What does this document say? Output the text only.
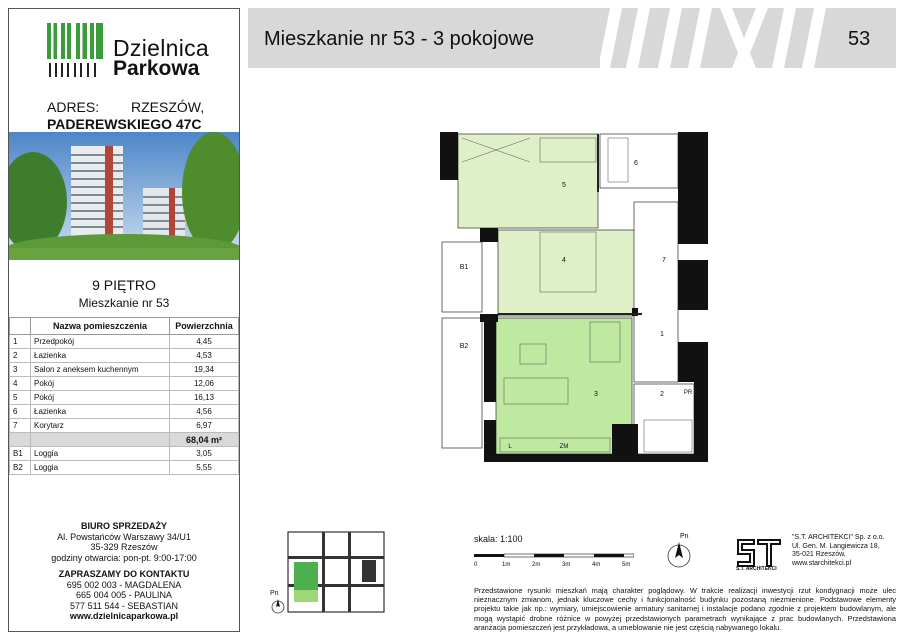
Dzielnica
Parkowa
ADRES: RZESZÓW,
PADEREWSKIEGO 47C
9 PIĘTRO
Mieszkanie nr 53
	Nazwa pomieszczenia	Powierzchnia
1	Przedpokój	4,45
2	Łazienka	4,53
3	Salon z aneksem kuchennym	19,34
4	Pokój	12,06
5	Pokój	16,13
6	Łazienka	4,56
7	Korytarz	6,97
		68,04 m²
B1	Loggia	3,05
B2	Loggia	5,55
BIURO SPRZEDAŻY
Al. Powstańców Warszawy 34/U1
35-329 Rzeszów
godziny otwarcia: pon-pt. 9:00-17:00
ZAPRASZAMY DO KONTAKTU
695 002 003 - MAGDALENA
665 004 005 - PAULINA
577 511 544 - SEBASTIAN
www.dzielnicaparkowa.pl
Mieszkanie nr 53 - 3 pokojowe	53
5
6
4	7
1
3	2
B1
B2
PR
PR
L	ZM
Pn
skala: 1:100
0	1m	2m	3m	4m	5m
Pn
S.T. ARCHITEKCI
"S.T. ARCHITEKCI" Sp. z o.o.
Ul. Gen. M. Langiewicza 18,
35-021 Rzeszów,
www.starchitekci.pl
Przedstawione rysunki mieszkań mają charakter poglądowy. W trakcie realizacji inwestycji rzut kondygnacji może ulec nieznacznym zmianom, jednak kluczowe cechy i funkcjonalność budynku pozostaną niezmienione. Podstawowe elementy projektu takie jak np.: wymiary, umiejscowienie armatury sanitarnej i instalacje podano zgodnie z projektem budowlanym, ale mogą wystąpić drobne różnice w powyżej przedstawionych parametrach wynikające z prac budowlanych. Przedstawiona aranżacja pomieszczeń jest przykładowa, a umeblowanie nie jest częścią nabywanego lokalu.
